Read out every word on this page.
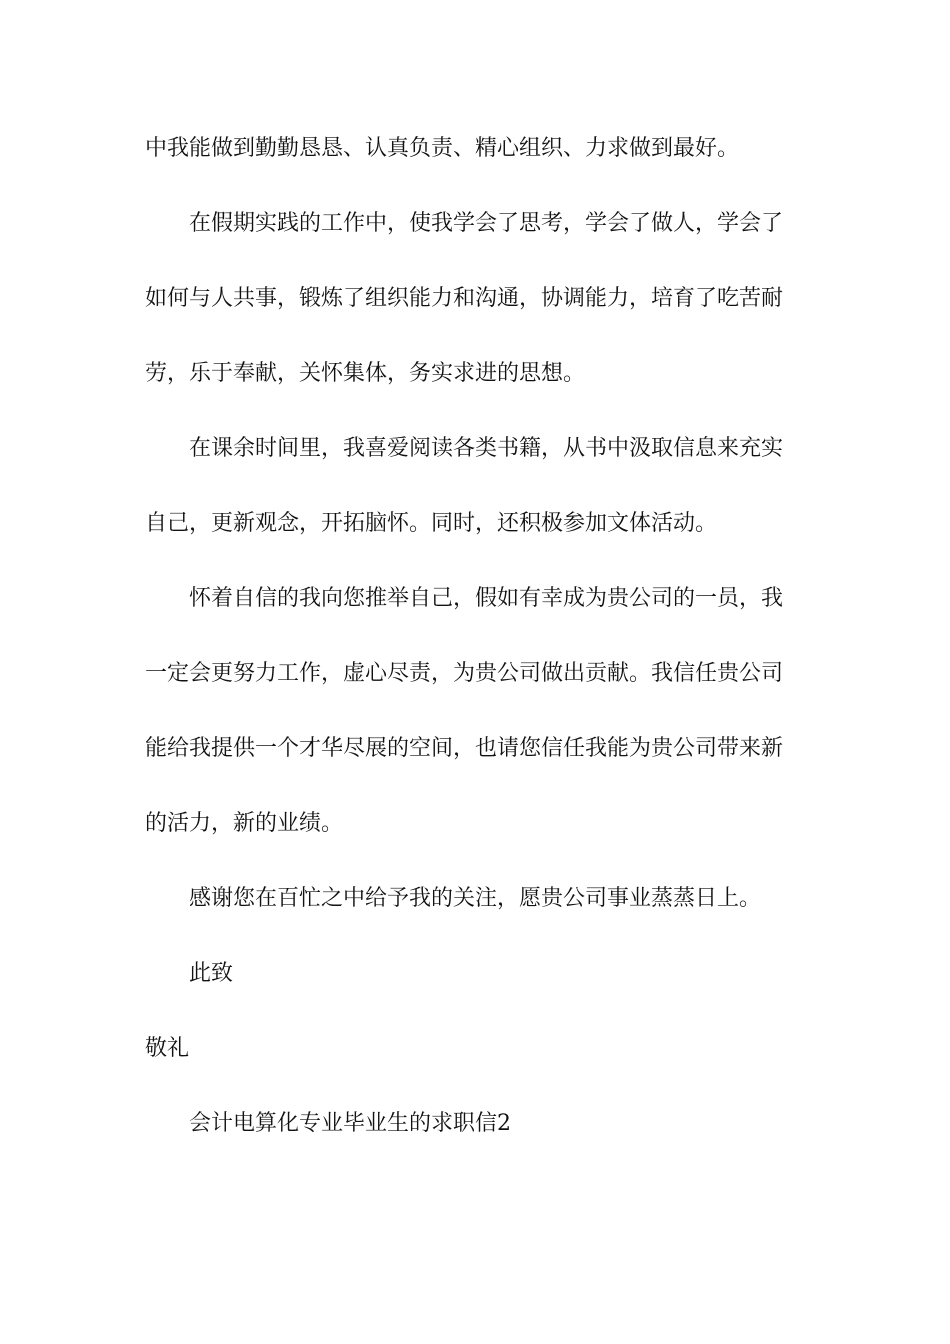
中我能做到勤勤恳恳、认真负责、精心组织、力求做到最好。
在假期实践的工作中，使我学会了思考，学会了做人，学会了
如何与人共事，锻炼了组织能力和沟通，协调能力，培育了吃苦耐
劳，乐于奉献，关怀集体，务实求进的思想。
在课余时间里，我喜爱阅读各类书籍，从书中汲取信息来充实
自己，更新观念，开拓脑怀。同时，还积极参加文体活动。
怀着自信的我向您推举自己，假如有幸成为贵公司的一员，我
一定会更努力工作，虚心尽责，为贵公司做出贡献。我信任贵公司
能给我提供一个才华尽展的空间，也请您信任我能为贵公司带来新
的活力，新的业绩。
感谢您在百忙之中给予我的关注，愿贵公司事业蒸蒸日上。
此致
敬礼
会计电算化专业毕业生的求职信2
